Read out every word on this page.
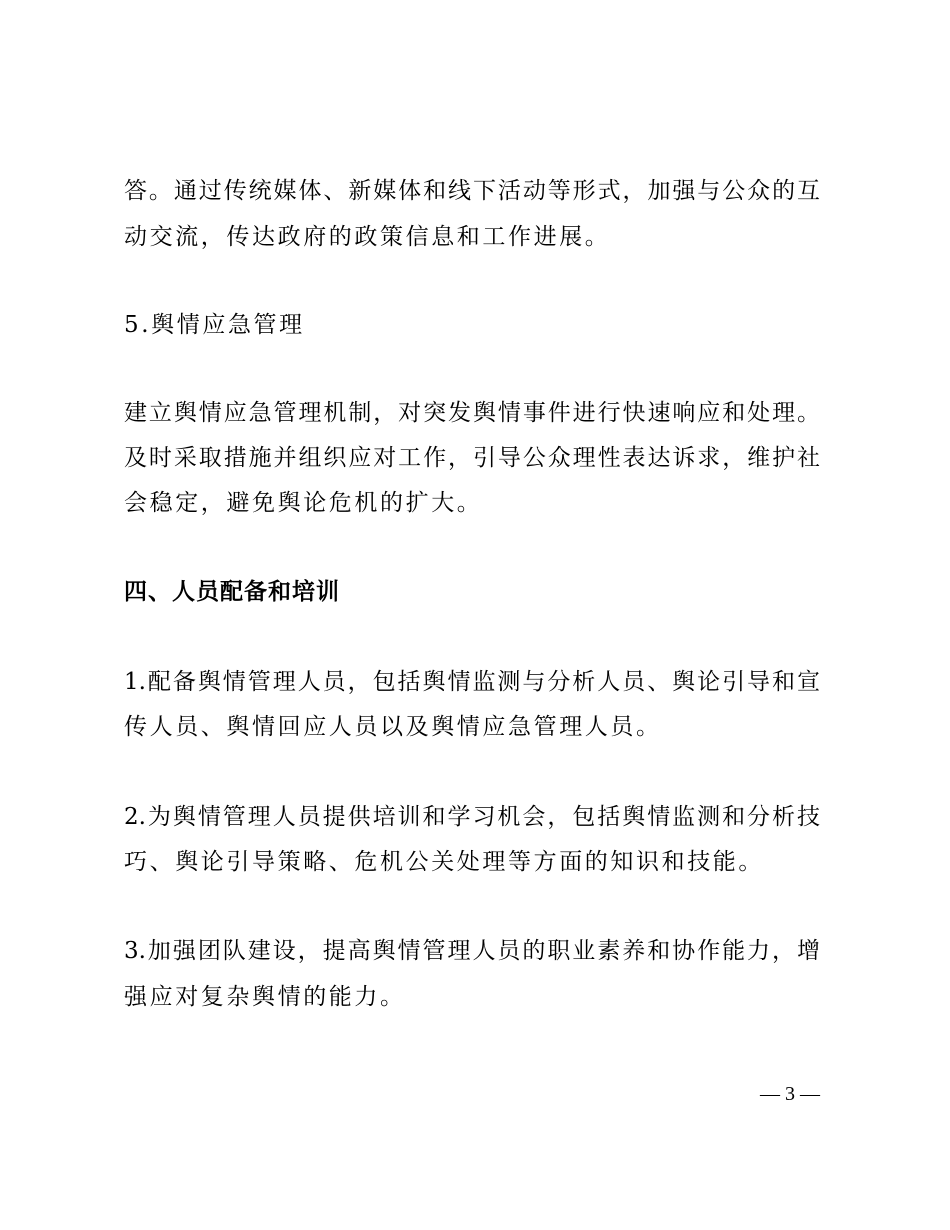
答。通过传统媒体、新媒体和线下活动等形式，加强与公众的互
动交流，传达政府的政策信息和工作进展。
5.舆情应急管理
建立舆情应急管理机制，对突发舆情事件进行快速响应和处理。
及时采取措施并组织应对工作，引导公众理性表达诉求，维护社
会稳定，避免舆论危机的扩大。
四、人员配备和培训
1.配备舆情管理人员，包括舆情监测与分析人员、舆论引导和宣
传人员、舆情回应人员以及舆情应急管理人员。
2.为舆情管理人员提供培训和学习机会，包括舆情监测和分析技
巧、舆论引导策略、危机公关处理等方面的知识和技能。
3.加强团队建设，提高舆情管理人员的职业素养和协作能力，增
强应对复杂舆情的能力。
— 3 —
